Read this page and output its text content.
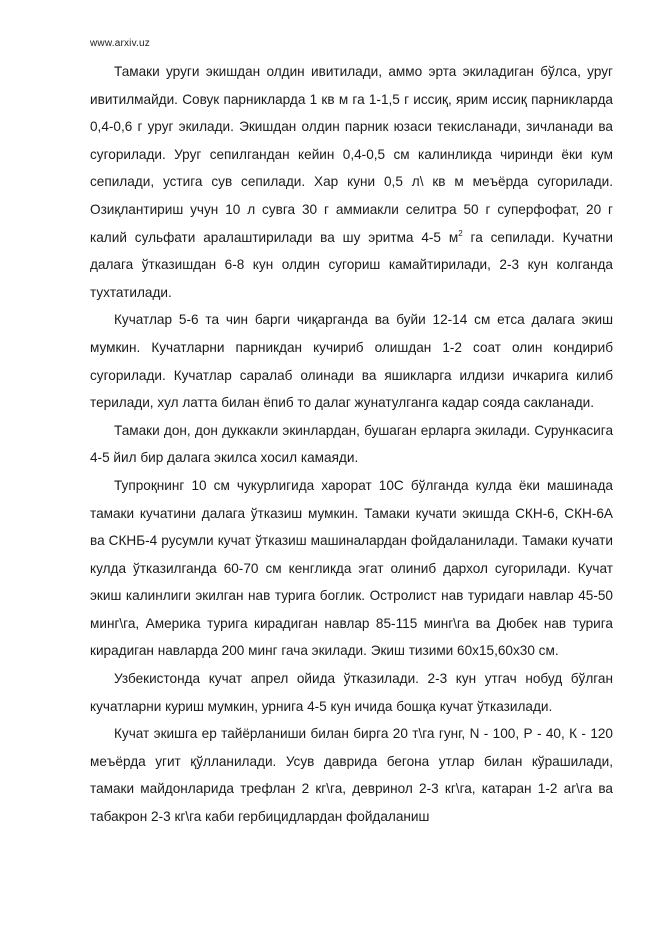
www.arxiv.uz

Тамаки уруги экишдан олдин ивитилади, аммо эрта экиладиган бўлса, уруг ивитилмайди. Совук парникларда 1 кв м га 1-1,5 г иссиқ, ярим иссиқ парникларда 0,4-0,6 г уруг экилади. Экишдан олдин парник юзаси текисланади, зичланади ва сугорилади. Уруг сепилгандан кейин 0,4-0,5 см калинликда чиринди ёки кум сепилади, устига сув сепилади. Хар куни 0,5 л\ кв м меъёрда сугорилади. Озиқлантириш учун 10 л сувга 30 г аммиакли селитра 50 г суперфофат, 20 г калий сульфати аралаштирилади ва шу эритма 4-5 $м^2$ га сепилади. Кучатни далага ўтказишдан 6-8 кун олдин сугориш камайтирилади, 2-3 кун колганда тухтатилади.

Кучатлар 5-6 та чин барги чиқарганда ва буйи 12-14 см етса далага экиш мумкин. Кучатларни парникдан кучириб олишдан 1-2 соат олин кондириб сугорилади. Кучатлар саралаб олинади ва яшикларга илдизи ичкарига килиб терилади, хул латта билан ёпиб то далаг жунатулганга кадар сояда сакланади.

Тамаки дон, дон дуккакли экинлардан, бушаган ерларга экилади. Сурункасига 4-5 йил бир далага экилса хосил камаяди.

Тупроқнинг 10 см чукурлигида харорат 10С бўлганда кулда ёки машинада тамаки кучатини далага ўтказиш мумкин. Тамаки кучати экишда СКН-6, СКН-6А ва СКНБ-4 русумли кучат ўтказиш машиналардан фойдаланилади. Тамаки кучати кулда ўтказилганда 60-70 см кенгликда эгат олиниб дархол сугорилади. Кучат экиш калинлиги экилган нав турига боглик. Остролист нав туридаги навлар 45-50 минг\га, Америка турига кирадиган навлар 85-115 минг\га ва Дюбек нав турига кирадиган навларда 200 минг гача экилади. Экиш тизими 60х15,60х30 см.

Узбекистонда кучат апрел ойида ўтказилади. 2-3 кун утгач нобуд бўлган кучатларни куриш мумкин, урнига 4-5 кун ичида бошқа кучат ўтказилади.

Кучат экишга ер тайёрланиши билан бирга 20 т\га гунг, N - 100, Р - 40, К - 120 меъёрда угит қўлланилади. Усув даврида бегона утлар билан кўрашилади, тамаки майдонларида трефлан 2 кг\га, девринол 2-3 кг\га, катаран 1-2 аг\га ва табакрон 2-3 кг\га каби гербицидлардан фойдаланиш
